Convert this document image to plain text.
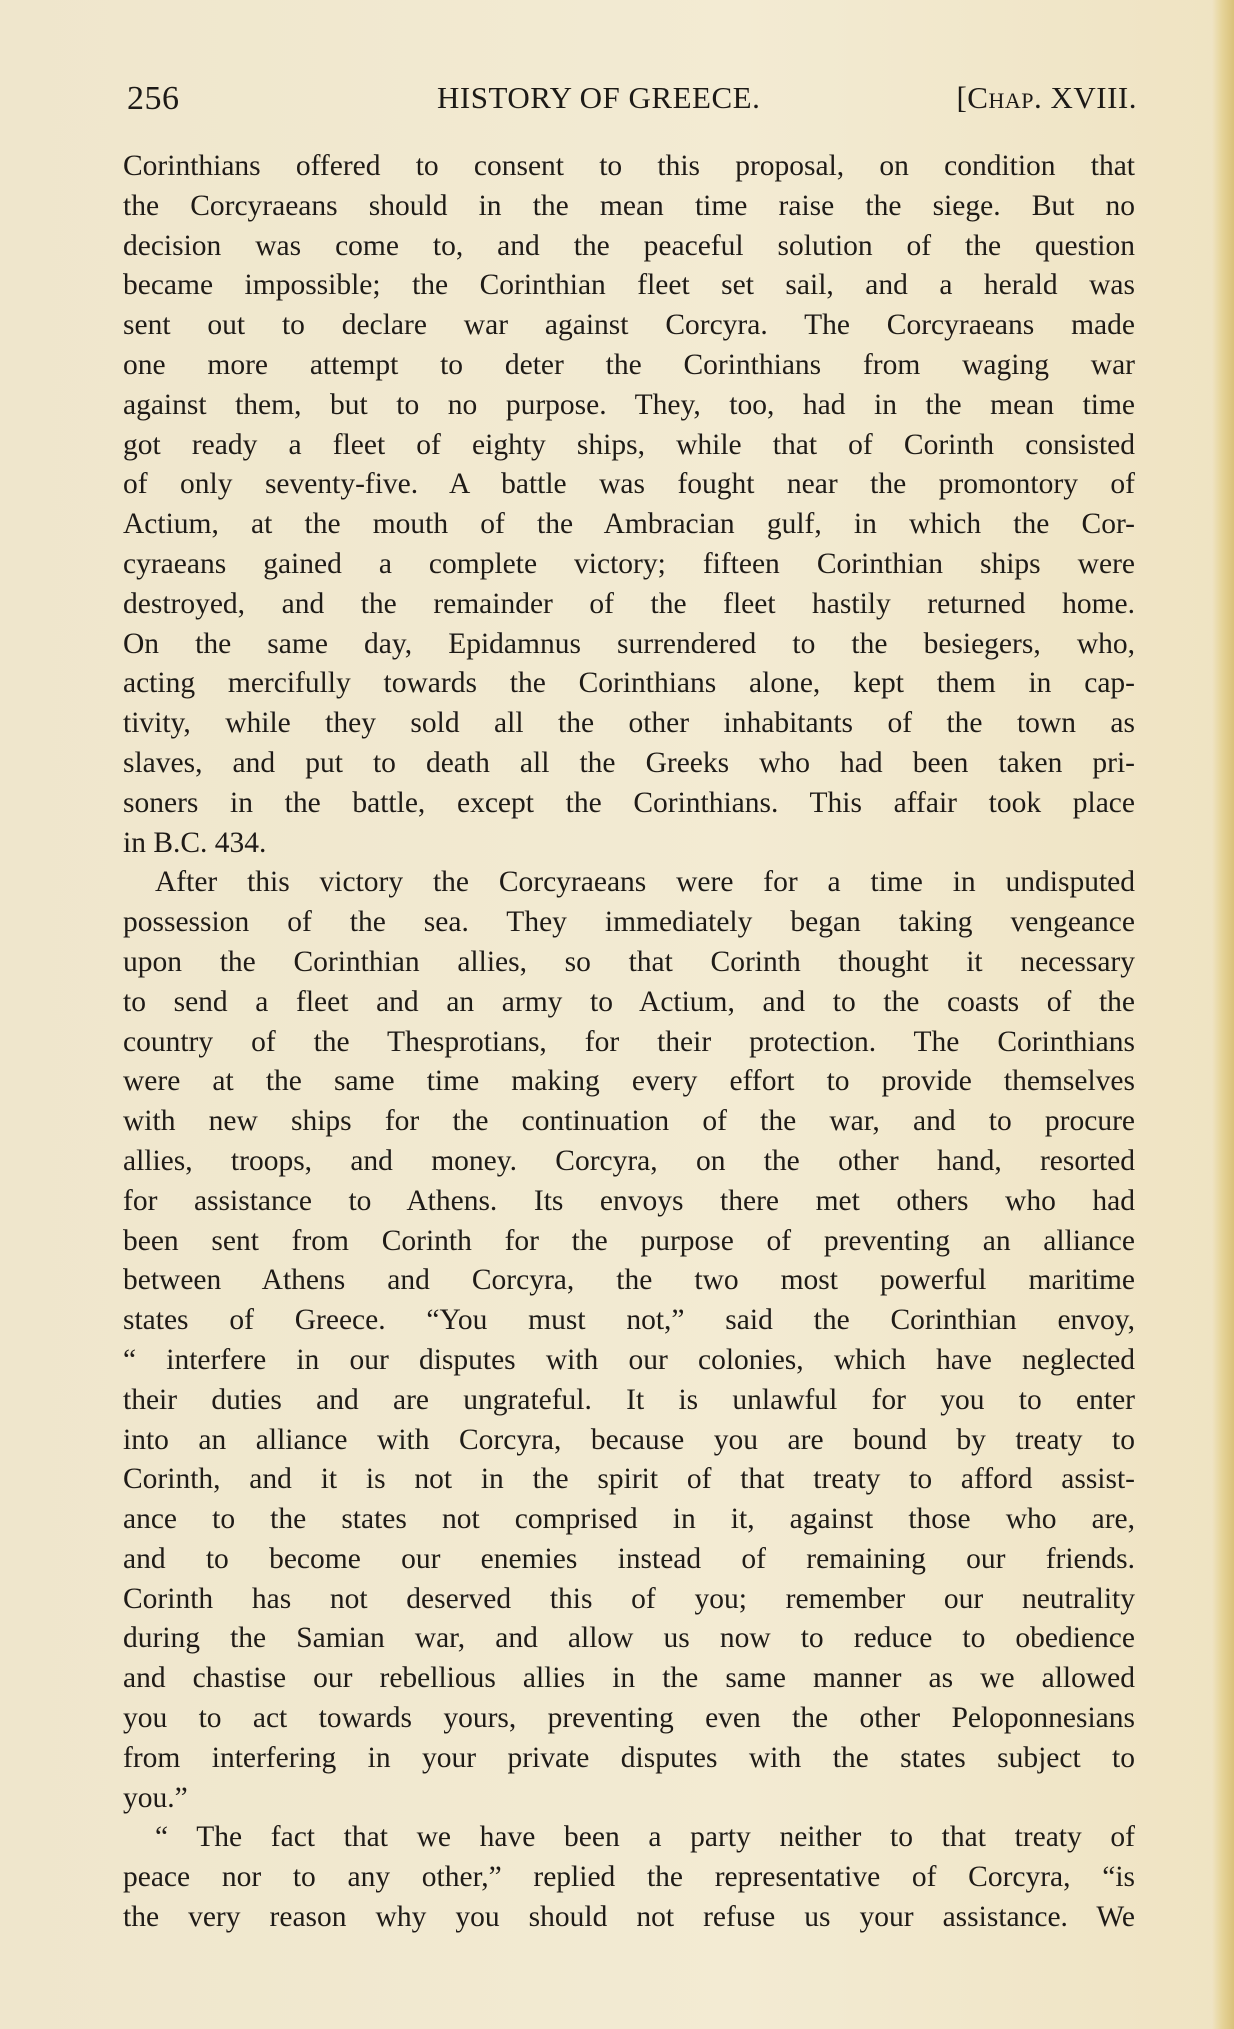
256	HISTORY OF GREECE.	[Chap. XVIII.
Corinthians offered to consent to this proposal, on condition that
the Corcyraeans should in the mean time raise the siege. But no
decision was come to, and the peaceful solution of the question
became impossible; the Corinthian fleet set sail, and a herald was
sent out to declare war against Corcyra. The Corcyraeans made
one more attempt to deter the Corinthians from waging war
against them, but to no purpose. They, too, had in the mean time
got ready a fleet of eighty ships, while that of Corinth consisted
of only seventy-five. A battle was fought near the promontory of
Actium, at the mouth of the Ambracian gulf, in which the Cor-
cyraeans gained a complete victory; fifteen Corinthian ships were
destroyed, and the remainder of the fleet hastily returned home.
On the same day, Epidamnus surrendered to the besiegers, who,
acting mercifully towards the Corinthians alone, kept them in cap-
tivity, while they sold all the other inhabitants of the town as
slaves, and put to death all the Greeks who had been taken pri-
soners in the battle, except the Corinthians. This affair took place
in B.C. 434.
After this victory the Corcyraeans were for a time in undisputed
possession of the sea. They immediately began taking vengeance
upon the Corinthian allies, so that Corinth thought it necessary
to send a fleet and an army to Actium, and to the coasts of the
country of the Thesprotians, for their protection. The Corinthians
were at the same time making every effort to provide themselves
with new ships for the continuation of the war, and to procure
allies, troops, and money. Corcyra, on the other hand, resorted
for assistance to Athens. Its envoys there met others who had
been sent from Corinth for the purpose of preventing an alliance
between Athens and Corcyra, the two most powerful maritime
states of Greece. “You must not,” said the Corinthian envoy,
“ interfere in our disputes with our colonies, which have neglected
their duties and are ungrateful. It is unlawful for you to enter
into an alliance with Corcyra, because you are bound by treaty to
Corinth, and it is not in the spirit of that treaty to afford assist-
ance to the states not comprised in it, against those who are,
and to become our enemies instead of remaining our friends.
Corinth has not deserved this of you; remember our neutrality
during the Samian war, and allow us now to reduce to obedience
and chastise our rebellious allies in the same manner as we allowed
you to act towards yours, preventing even the other Peloponnesians
from interfering in your private disputes with the states subject to
you.”
“ The fact that we have been a party neither to that treaty of
peace nor to any other,” replied the representative of Corcyra, “is
the very reason why you should not refuse us your assistance. We
